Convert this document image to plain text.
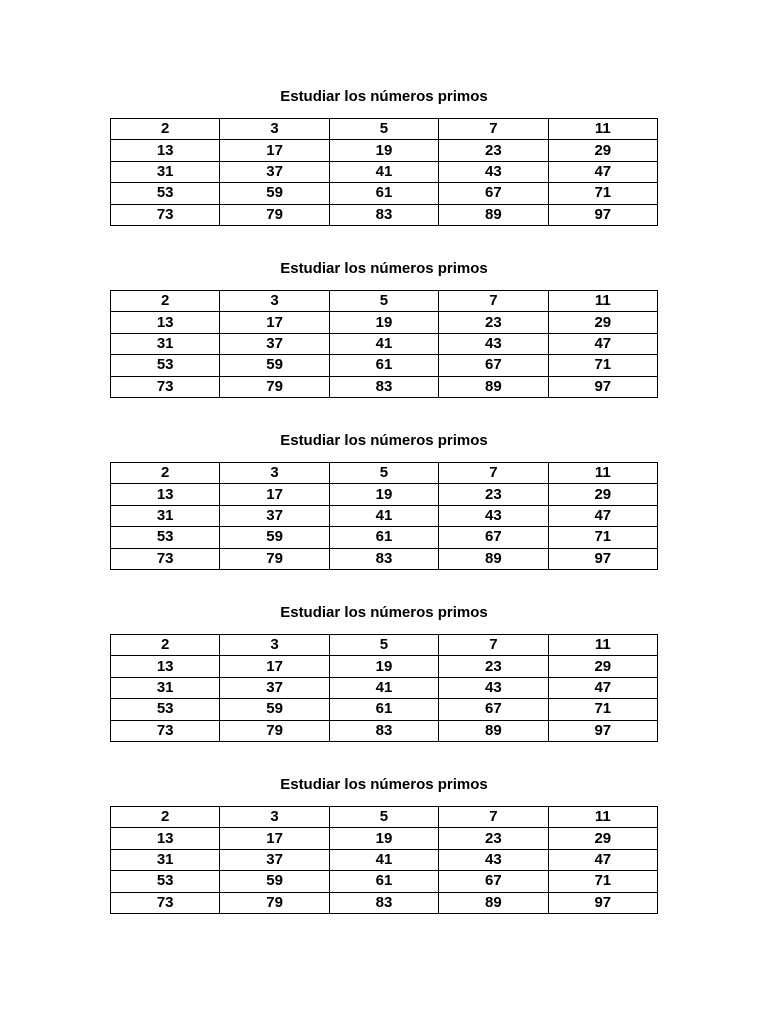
Estudiar los números primos
2	3	5	7	11
13	17	19	23	29
31	37	41	43	47
53	59	61	67	71
73	79	83	89	97
Estudiar los números primos
2	3	5	7	11
13	17	19	23	29
31	37	41	43	47
53	59	61	67	71
73	79	83	89	97
Estudiar los números primos
2	3	5	7	11
13	17	19	23	29
31	37	41	43	47
53	59	61	67	71
73	79	83	89	97
Estudiar los números primos
2	3	5	7	11
13	17	19	23	29
31	37	41	43	47
53	59	61	67	71
73	79	83	89	97
Estudiar los números primos
2	3	5	7	11
13	17	19	23	29
31	37	41	43	47
53	59	61	67	71
73	79	83	89	97
